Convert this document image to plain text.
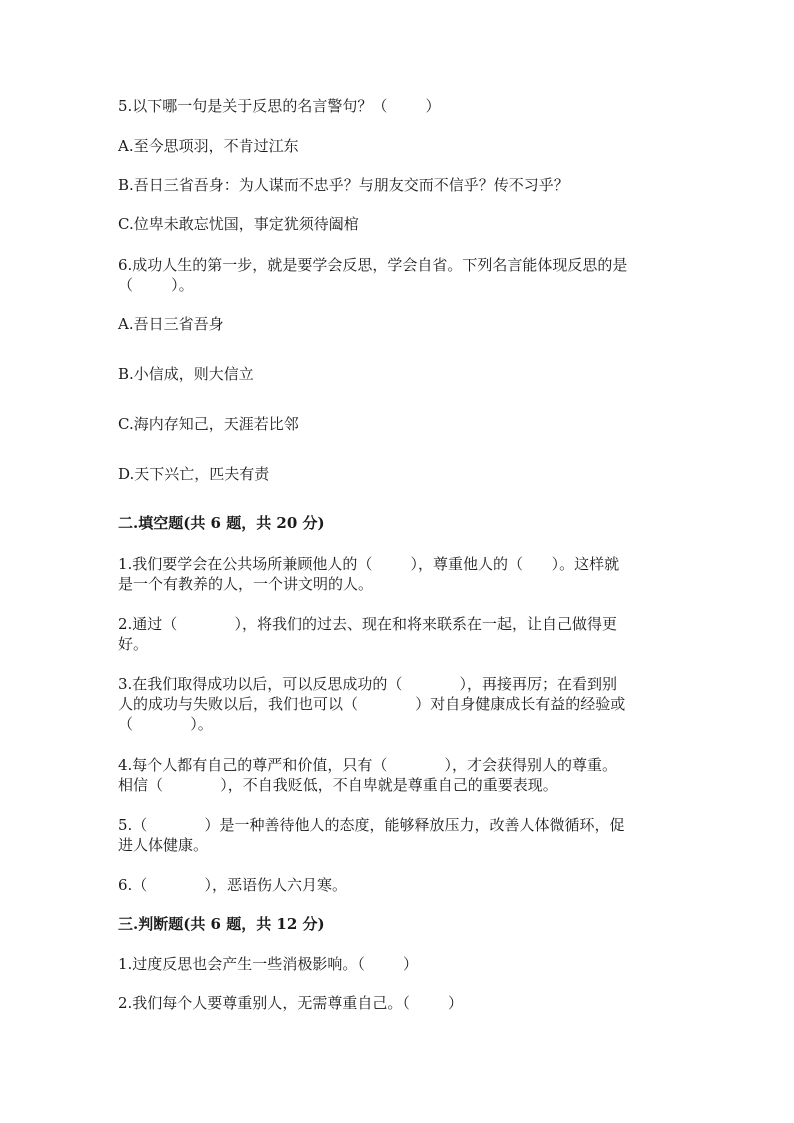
5.以下哪一句是关于反思的名言警句？（        ）
A.至今思项羽，不肯过江东
B.吾日三省吾身：为人谋而不忠乎？与朋友交而不信乎？传不习乎？
C.位卑未敢忘忧国，事定犹须待阖棺
6.成功人生的第一步，就是要学会反思，学会自省。下列名言能体现反思的是
（        ）。
A.吾日三省吾身
B.小信成，则大信立
C.海内存知己，天涯若比邻
D.天下兴亡，匹夫有责
二.填空题(共 6 题，共 20 分)
1.我们要学会在公共场所兼顾他人的（        ），尊重他人的（      ）。这样就
是一个有教养的人，一个讲文明的人。
2.通过（            ），将我们的过去、现在和将来联系在一起，让自己做得更
好。
3.在我们取得成功以后，可以反思成功的（            ），再接再厉；在看到别
人的成功与失败以后，我们也可以（            ）对自身健康成长有益的经验或
（            ）。
4.每个人都有自己的尊严和价值，只有（            ），才会获得别人的尊重。
相信（            ），不自我贬低，不自卑就是尊重自己的重要表现。
5.（            ）是一种善待他人的态度，能够释放压力，改善人体微循环，促
进人体健康。
6.（            ），恶语伤人六月寒。
三.判断题(共 6 题，共 12 分)
1.过度反思也会产生一些消极影响。（        ）
2.我们每个人要尊重别人，无需尊重自己。（        ）
